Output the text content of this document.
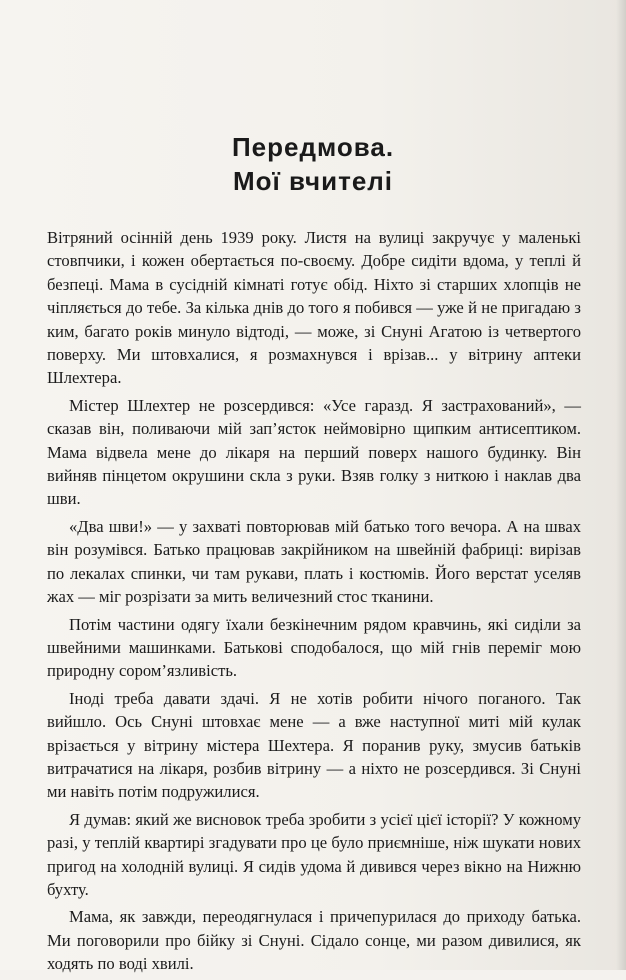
Передмова.
Мої вчителі

Вітряний осінній день 1939 року. Листя на вулиці закручує у маленькі стовпчики, і кожен обертається по-своєму. Добре сидіти вдома, у теплі й безпеці. Мама в сусідній кімнаті готує обід. Ніхто зі старших хлопців не чіпляється до тебе. За кілька днів до того я побився — уже й не пригадаю з ким, багато років минуло відтоді, — може, зі Снуні Агатою із четвертого поверху. Ми штовхалися, я розмахнувся і врізав... у вітрину аптеки Шлехтера.

Містер Шлехтер не розсердився: «Усе гаразд. Я застрахований», — сказав він, поливаючи мій зап’ясток неймовірно щипким антисептиком. Мама відвела мене до лікаря на перший поверх нашого будинку. Він вийняв пінцетом окрушини скла з руки. Взяв голку з ниткою і наклав два шви.

«Два шви!» — у захваті повторював мій батько того вечора. А на швах він розумівся. Батько працював закрійником на швейній фабриці: вирізав по лекалах спинки, чи там рукави, плать і костюмів. Його верстат уселяв жах — міг розрізати за мить величезний стос тканини.

Потім частини одягу їхали безкінечним рядом кравчинь, які сиділи за швейними машинками. Батькові сподобалося, що мій гнів переміг мою природну сором’язливість.

Іноді треба давати здачі. Я не хотів робити нічого поганого. Так вийшло. Ось Снуні штовхає мене — а вже наступної миті мій кулак врізається у вітрину містера Шехтера. Я поранив руку, змусив батьків витрачатися на лікаря, розбив вітрину — а ніхто не розсердився. Зі Снуні ми навіть потім подружилися.

Я думав: який же висновок треба зробити з усієї цієї історії? У кожному разі, у теплій квартирі згадувати про це було приємніше, ніж шукати нових пригод на холодній вулиці. Я сидів удома й дивився через вікно на Нижню бухту.

Мама, як завжди, переодягнулася і причепурилася до приходу батька. Ми поговорили про бійку зі Снуні. Сідало сонце, ми разом дивилися, як ходять по воді хвилі.
